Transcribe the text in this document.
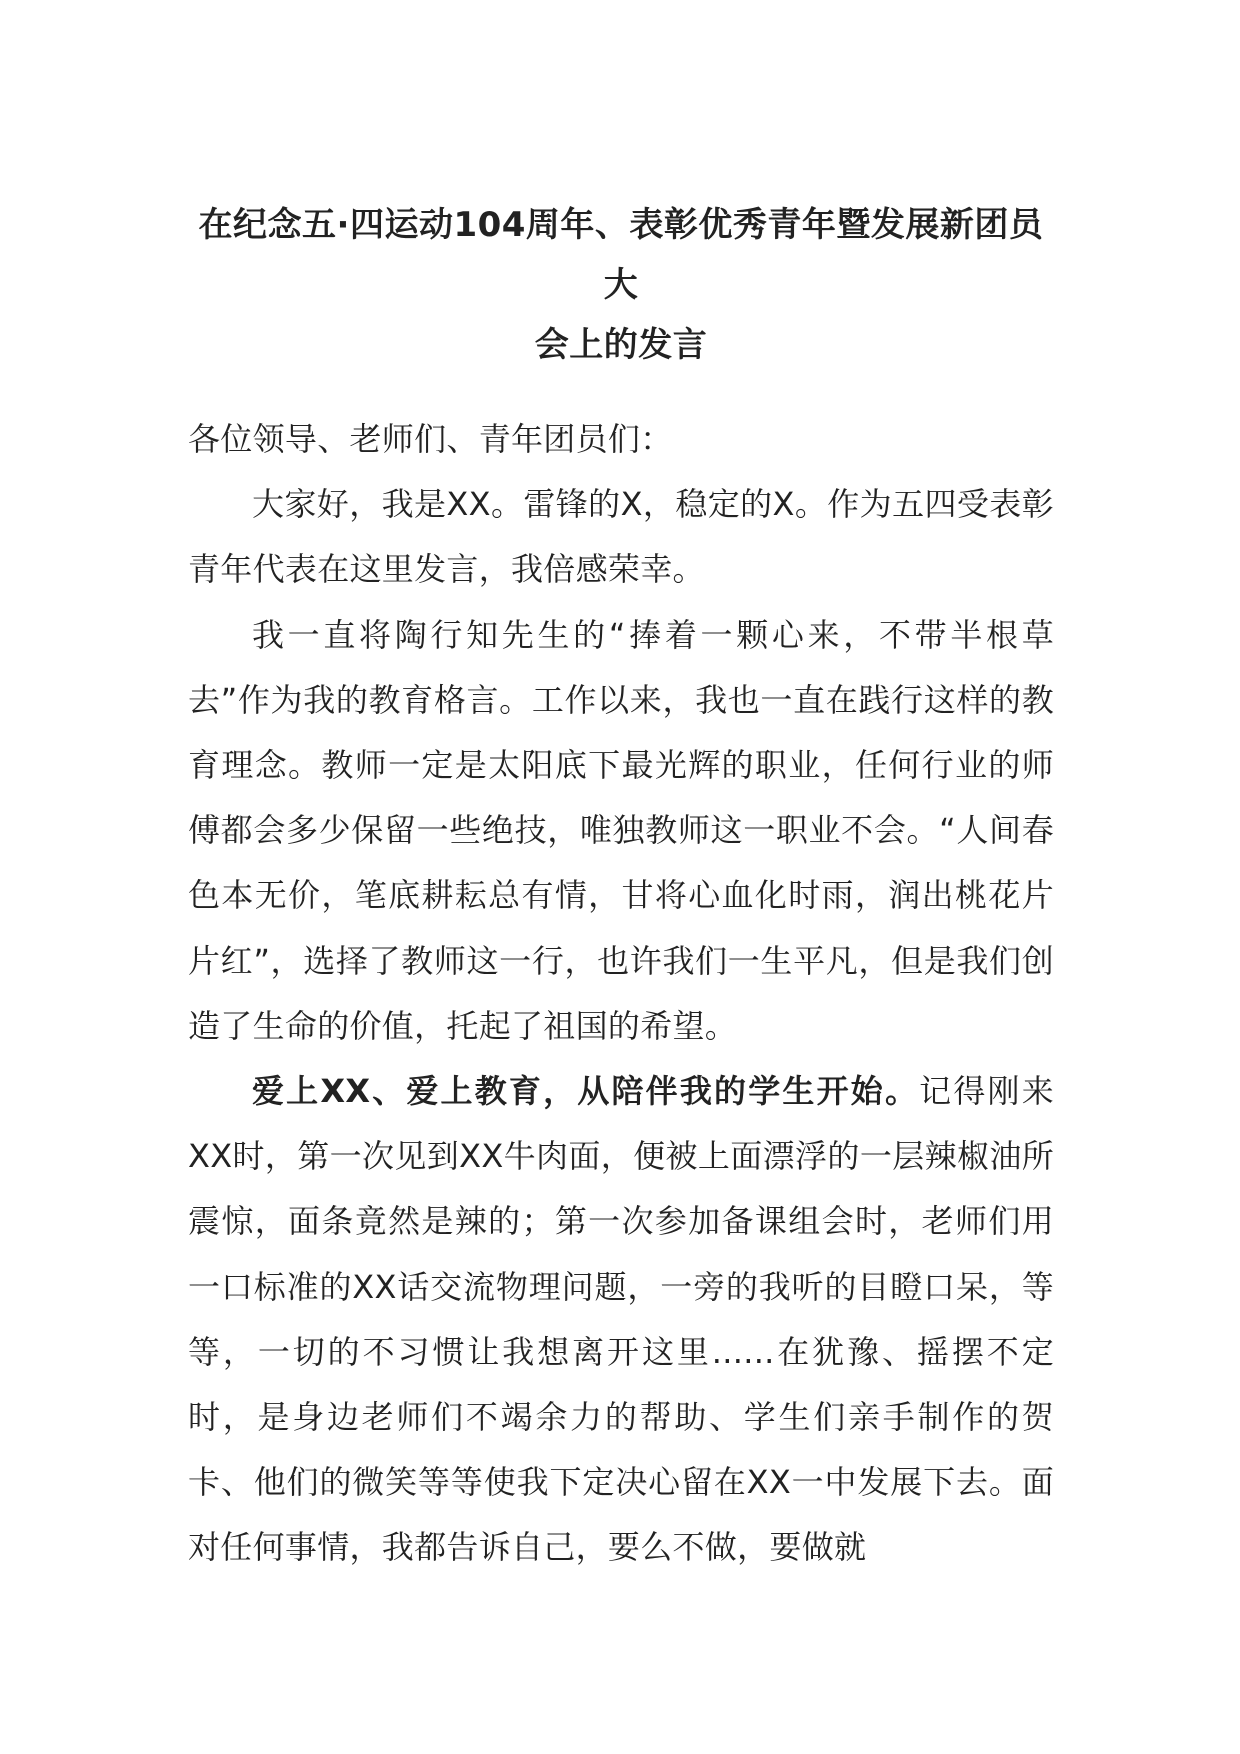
在纪念五·四运动104周年、表彰优秀青年暨发展新团员大
会上的发言

各位领导、老师们、青年团员们：

大家好，我是XX。雷锋的X，稳定的X。作为五四受表彰青年代表在这里发言，我倍感荣幸。

我一直将陶行知先生的“捧着一颗心来，不带半根草去”作为我的教育格言。工作以来，我也一直在践行这样的教育理念。教师一定是太阳底下最光辉的职业，任何行业的师傅都会多少保留一些绝技，唯独教师这一职业不会。“人间春色本无价，笔底耕耘总有情，甘将心血化时雨，润出桃花片片红”，选择了教师这一行，也许我们一生平凡，但是我们创造了生命的价值，托起了祖国的希望。

爱上XX、爱上教育，从陪伴我的学生开始。记得刚来XX时，第一次见到XX牛肉面，便被上面漂浮的一层辣椒油所震惊，面条竟然是辣的；第一次参加备课组会时，老师们用一口标准的XX话交流物理问题，一旁的我听的目瞪口呆，等等，一切的不习惯让我想离开这里......在犹豫、摇摆不定时，是身边老师们不竭余力的帮助、学生们亲手制作的贺卡、他们的微笑等等使我下定决心留在XX一中发展下去。面对任何事情，我都告诉自己，要么不做，要做就
